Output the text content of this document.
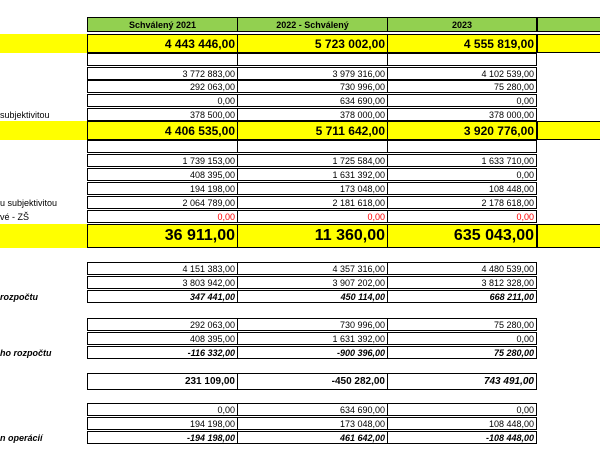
Schválený 2021	2022 - Schválený	2023
4 443 446,00	5 723 002,00	4 555 819,00
3 772 883,00	3 979 316,00	4 102 539,00
292 063,00	730 996,00	75 280,00
0,00	634 690,00	0,00
subjektivitou	378 500,00	378 000,00	378 000,00
4 406 535,00	5 711 642,00	3 920 776,00
1 739 153,00	1 725 584,00	1 633 710,00
408 395,00	1 631 392,00	0,00
194 198,00	173 048,00	108 448,00
u subjektivitou	2 064 789,00	2 181 618,00	2 178 618,00
vé - ZŠ	0,00	0,00	0,00
36 911,00	11 360,00	635 043,00
4 151 383,00	4 357 316,00	4 480 539,00
3 803 942,00	3 907 202,00	3 812 328,00
rozpočtu	347 441,00	450 114,00	668 211,00
292 063,00	730 996,00	75 280,00
408 395,00	1 631 392,00	0,00
ho rozpočtu	-116 332,00	-900 396,00	75 280,00
231 109,00	-450 282,00	743 491,00
0,00	634 690,00	0,00
194 198,00	173 048,00	108 448,00
n operácií	-194 198,00	461 642,00	-108 448,00
